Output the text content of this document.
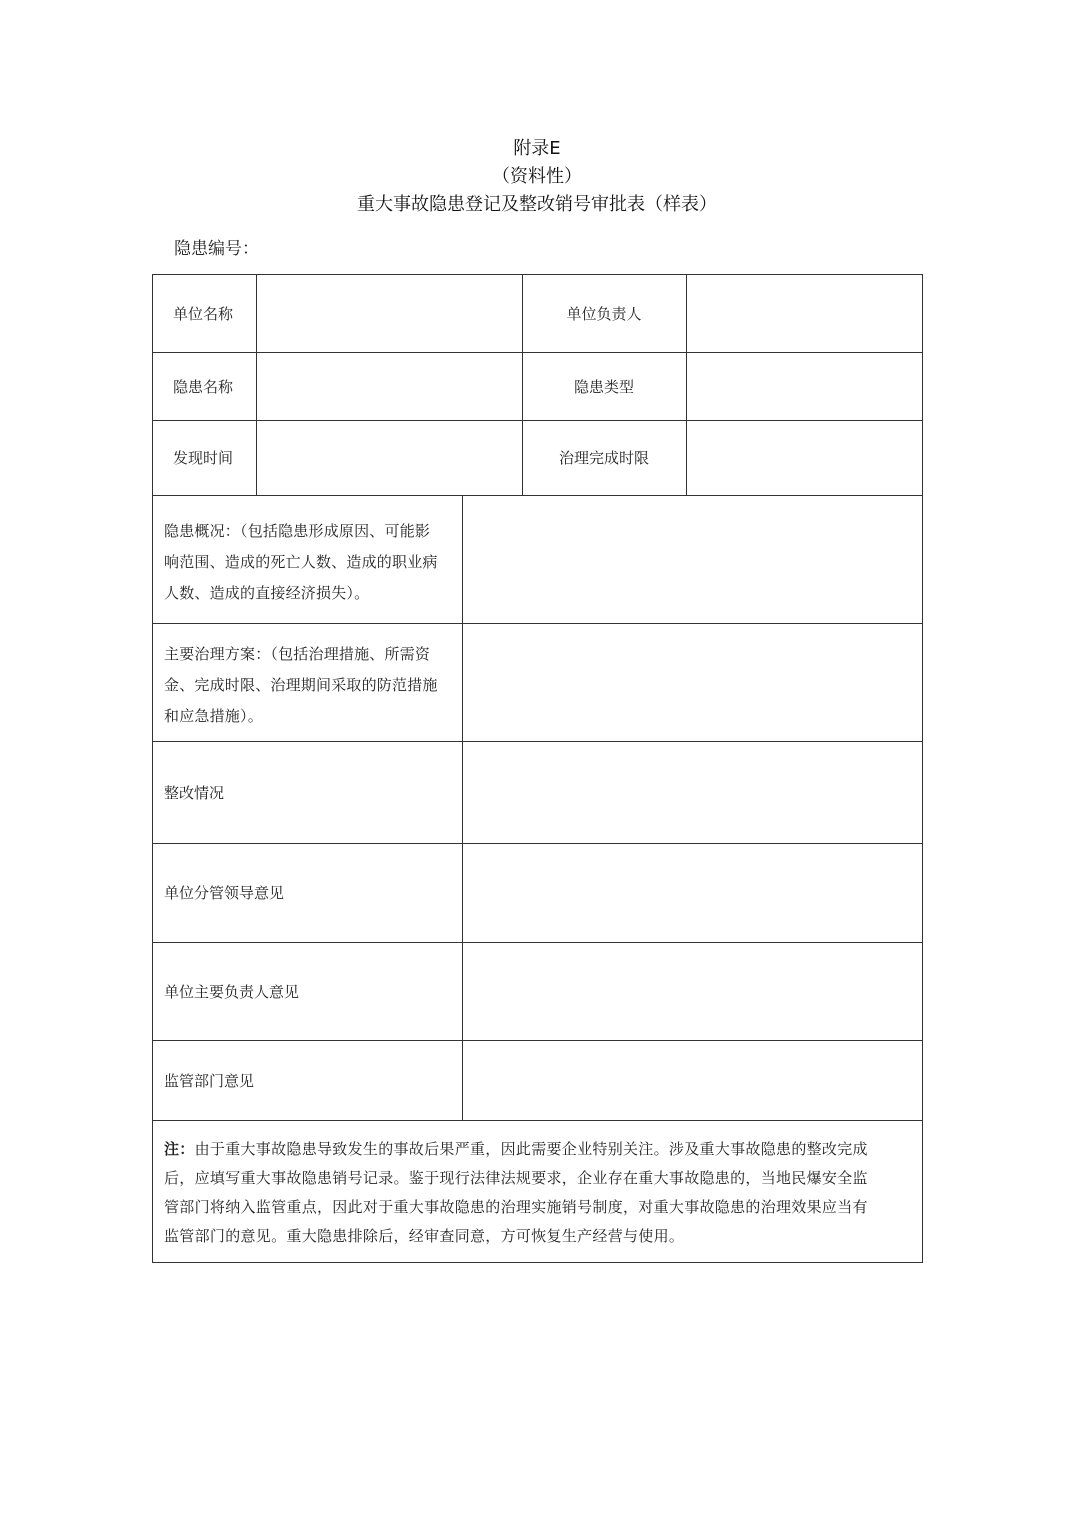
附录E
（资料性）
重大事故隐患登记及整改销号审批表（样表）
隐患编号：
单位名称	单位负责人
隐患名称	隐患类型
发现时间	治理完成时限
隐患概况：（包括隐患形成原因、可能影
响范围、造成的死亡人数、造成的职业病
人数、造成的直接经济损失）。
主要治理方案：（包括治理措施、所需资
金、完成时限、治理期间采取的防范措施
和应急措施）。
整改情况
单位分管领导意见
单位主要负责人意见
监管部门意见
注：由于重大事故隐患导致发生的事故后果严重，因此需要企业特别关注。涉及重大事故隐患的整改完成
后，应填写重大事故隐患销号记录。鉴于现行法律法规要求，企业存在重大事故隐患的，当地民爆安全监
管部门将纳入监管重点，因此对于重大事故隐患的治理实施销号制度，对重大事故隐患的治理效果应当有
监管部门的意见。重大隐患排除后，经审查同意，方可恢复生产经营与使用。
